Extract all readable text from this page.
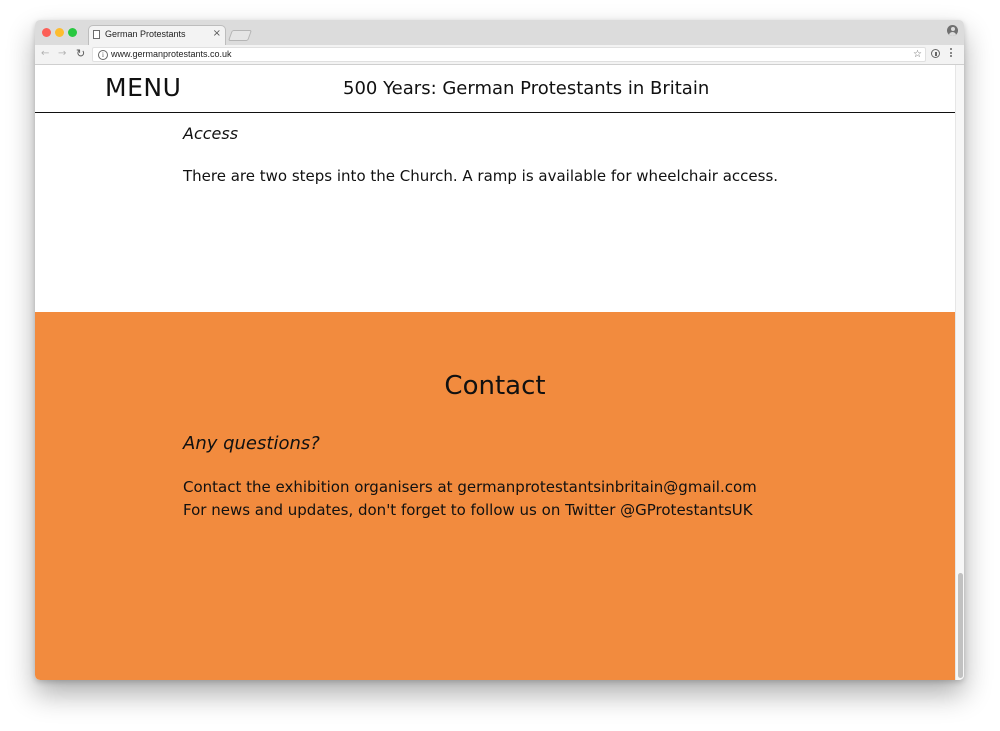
German Protestants	×
← → ↻	i www.germanprotestants.co.uk	☆
MENU	500 Years: German Protestants in Britain
Access
There are two steps into the Church. A ramp is available for wheelchair access.
Contact
Any questions?
Contact the exhibition organisers at germanprotestantsinbritain@gmail.com
For news and updates, don't forget to follow us on Twitter @GProtestantsUK
